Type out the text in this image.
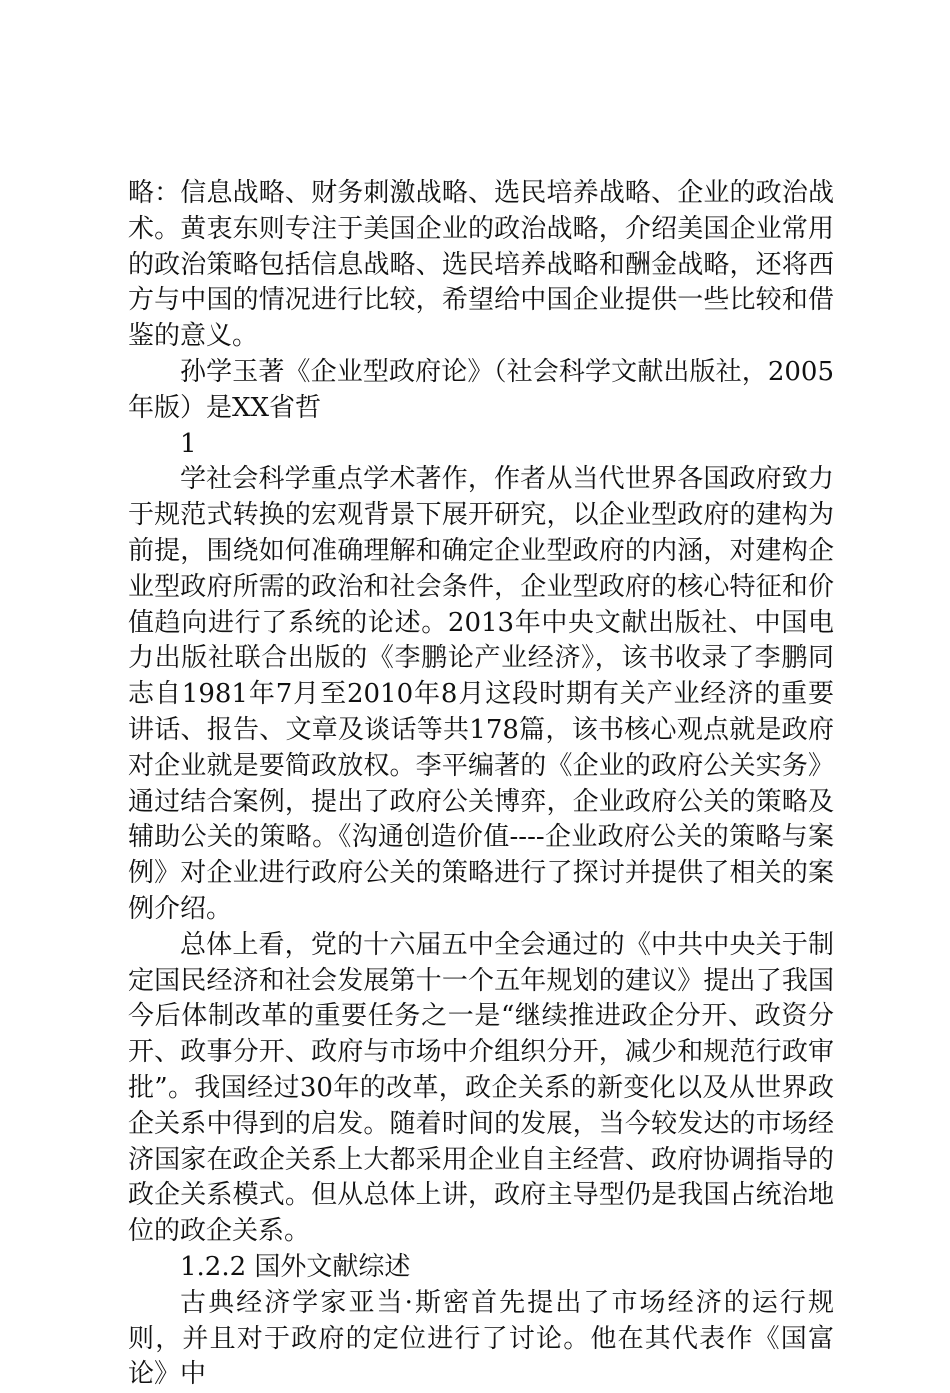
略：信息战略、财务刺激战略、选民培养战略、企业的政治战术。黄衷东则专注于美国企业的政治战略，介绍美国企业常用的政治策略包括信息战略、选民培养战略和酬金战略，还将西方与中国的情况进行比较，希望给中国企业提供一些比较和借鉴的意义。

孙学玉著《企业型政府论》（社会科学文献出版社，2005年版）是XX省哲

1

学社会科学重点学术著作，作者从当代世界各国政府致力于规范式转换的宏观背景下展开研究，以企业型政府的建构为前提，围绕如何准确理解和确定企业型政府的内涵，对建构企业型政府所需的政治和社会条件，企业型政府的核心特征和价值趋向进行了系统的论述。2013年中央文献出版社、中国电力出版社联合出版的《李鹏论产业经济》，该书收录了李鹏同志自1981年7月至2010年8月这段时期有关产业经济的重要讲话、报告、文章及谈话等共178篇，该书核心观点就是政府对企业就是要简政放权。李平编著的《企业的政府公关实务》通过结合案例，提出了政府公关博弈，企业政府公关的策略及辅助公关的策略。《沟通创造价值----企业政府公关的策略与案例》对企业进行政府公关的策略进行了探讨并提供了相关的案例介绍。

总体上看，党的十六届五中全会通过的《中共中央关于制定国民经济和社会发展第十一个五年规划的建议》提出了我国今后体制改革的重要任务之一是“继续推进政企分开、政资分开、政事分开、政府与市场中介组织分开，减少和规范行政审批”。我国经过30年的改革，政企关系的新变化以及从世界政企关系中得到的启发。随着时间的发展，当今较发达的市场经济国家在政企关系上大都采用企业自主经营、政府协调指导的政企关系模式。但从总体上讲，政府主导型仍是我国占统治地位的政企关系。

1.2.2 国外文献综述

古典经济学家亚当·斯密首先提出了市场经济的运行规则，并且对于政府的定位进行了讨论。他在其代表作《国富论》中
